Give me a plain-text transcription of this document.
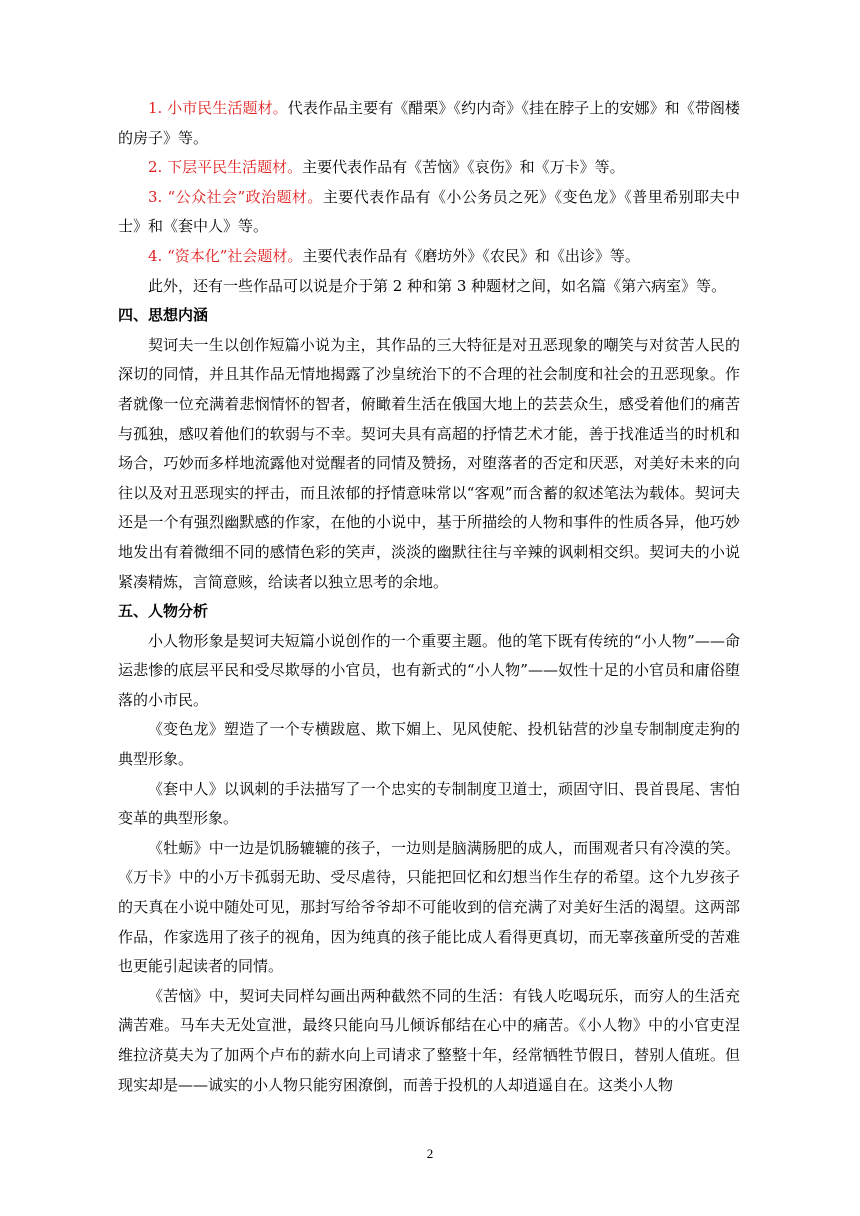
1. 小市民生活题材。代表作品主要有《醋栗》《约内奇》《挂在脖子上的安娜》和《带阁楼的房子》等。

2. 下层平民生活题材。主要代表作品有《苦恼》《哀伤》和《万卡》等。

3. “公众社会”政治题材。主要代表作品有《小公务员之死》《变色龙》《普里希别耶夫中士》和《套中人》等。

4. “资本化”社会题材。主要代表作品有《磨坊外》《农民》和《出诊》等。

此外，还有一些作品可以说是介于第 2 种和第 3 种题材之间，如名篇《第六病室》等。

四、思想内涵

契诃夫一生以创作短篇小说为主，其作品的三大特征是对丑恶现象的嘲笑与对贫苦人民的深切的同情，并且其作品无情地揭露了沙皇统治下的不合理的社会制度和社会的丑恶现象。作者就像一位充满着悲悯情怀的智者，俯瞰着生活在俄国大地上的芸芸众生，感受着他们的痛苦与孤独，感叹着他们的软弱与不幸。契诃夫具有高超的抒情艺术才能，善于找准适当的时机和场合，巧妙而多样地流露他对觉醒者的同情及赞扬，对堕落者的否定和厌恶，对美好未来的向往以及对丑恶现实的抨击，而且浓郁的抒情意味常以“客观”而含蓄的叙述笔法为载体。契诃夫还是一个有强烈幽默感的作家，在他的小说中，基于所描绘的人物和事件的性质各异，他巧妙地发出有着微细不同的感情色彩的笑声，淡淡的幽默往往与辛辣的讽刺相交织。契诃夫的小说紧凑精炼，言简意赅，给读者以独立思考的余地。

五、人物分析

小人物形象是契诃夫短篇小说创作的一个重要主题。他的笔下既有传统的“小人物”——命运悲惨的底层平民和受尽欺辱的小官员，也有新式的“小人物”——奴性十足的小官员和庸俗堕落的小市民。

《变色龙》塑造了一个专横跋扈、欺下媚上、见风使舵、投机钻营的沙皇专制制度走狗的典型形象。

《套中人》以讽刺的手法描写了一个忠实的专制制度卫道士，顽固守旧、畏首畏尾、害怕变革的典型形象。

《牡蛎》中一边是饥肠辘辘的孩子，一边则是脑满肠肥的成人，而围观者只有冷漠的笑。《万卡》中的小万卡孤弱无助、受尽虐待，只能把回忆和幻想当作生存的希望。这个九岁孩子的天真在小说中随处可见，那封写给爷爷却不可能收到的信充满了对美好生活的渴望。这两部作品，作家选用了孩子的视角，因为纯真的孩子能比成人看得更真切，而无辜孩童所受的苦难也更能引起读者的同情。

《苦恼》中，契诃夫同样勾画出两种截然不同的生活：有钱人吃喝玩乐，而穷人的生活充满苦难。马车夫无处宣泄，最终只能向马儿倾诉郁结在心中的痛苦。《小人物》中的小官吏涅维拉济莫夫为了加两个卢布的薪水向上司请求了整整十年，经常牺牲节假日，替别人值班。但现实却是——诚实的小人物只能穷困潦倒，而善于投机的人却逍遥自在。这类小人物

2
